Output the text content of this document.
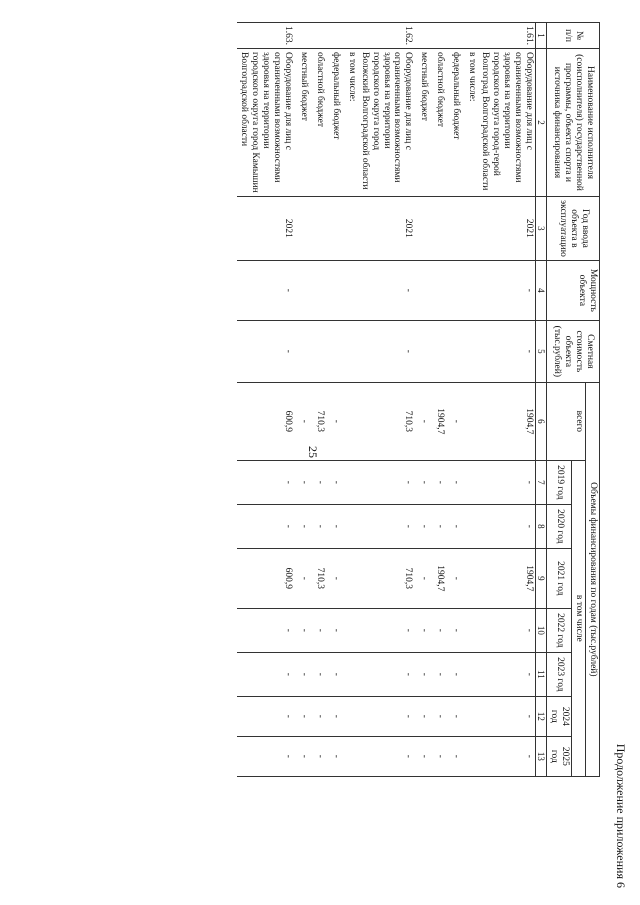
Продолжение приложения 6
№ п/п	Наименование исполнителя (соисполнителя) государственной программы, объекта спорта и источника финансирования	Год ввода объекта в эксплуатацию	Мощность объекта	Сметная стоимость объекта (тыс.рублей)	Объемы финансирования по годам (тыс.рублей)							
					всего	в том числе						
						2019 год	2020 год	2021 год	2022 год	2023 год	2024 год	2025 год
1	2	3	4	5	6	7	8	9	10	11	12	13
1.61.	Оборудование для лиц с ограниченными возможностями здоровья на территории городского округа город-герой Волгоград Волгоградской области	2021	-	-	1904,7	-	-	1904,7	-	-	-	-
	в том числе:											
	федеральный бюджет				-	-	-	-	-	-	-	-
	областной бюджет				1904,7	-	-	1904,7	-	-	-	-
	местный бюджет				-	-	-	-	-	-	-	-
1.62.	Оборудование для лиц с ограниченными возможностями здоровья на территории городского округа город Волжский Волгоградской области	2021	-	-	710,3	-	-	710,3	-	-	-	-
	в том числе:											
	федеральный бюджет				-	-	-	-	-	-	-	-
	областной бюджет				710,3	-	-	710,3	-	-	-	-
	местный бюджет				-	-	-	-	-	-	-	-
1.63.	Оборудование для лиц с ограниченными возможностями здоровья на территории городского округа город Камышин Волгоградской области	2021	-	-	600,9	-	-	600,9	-	-	-	-
25
